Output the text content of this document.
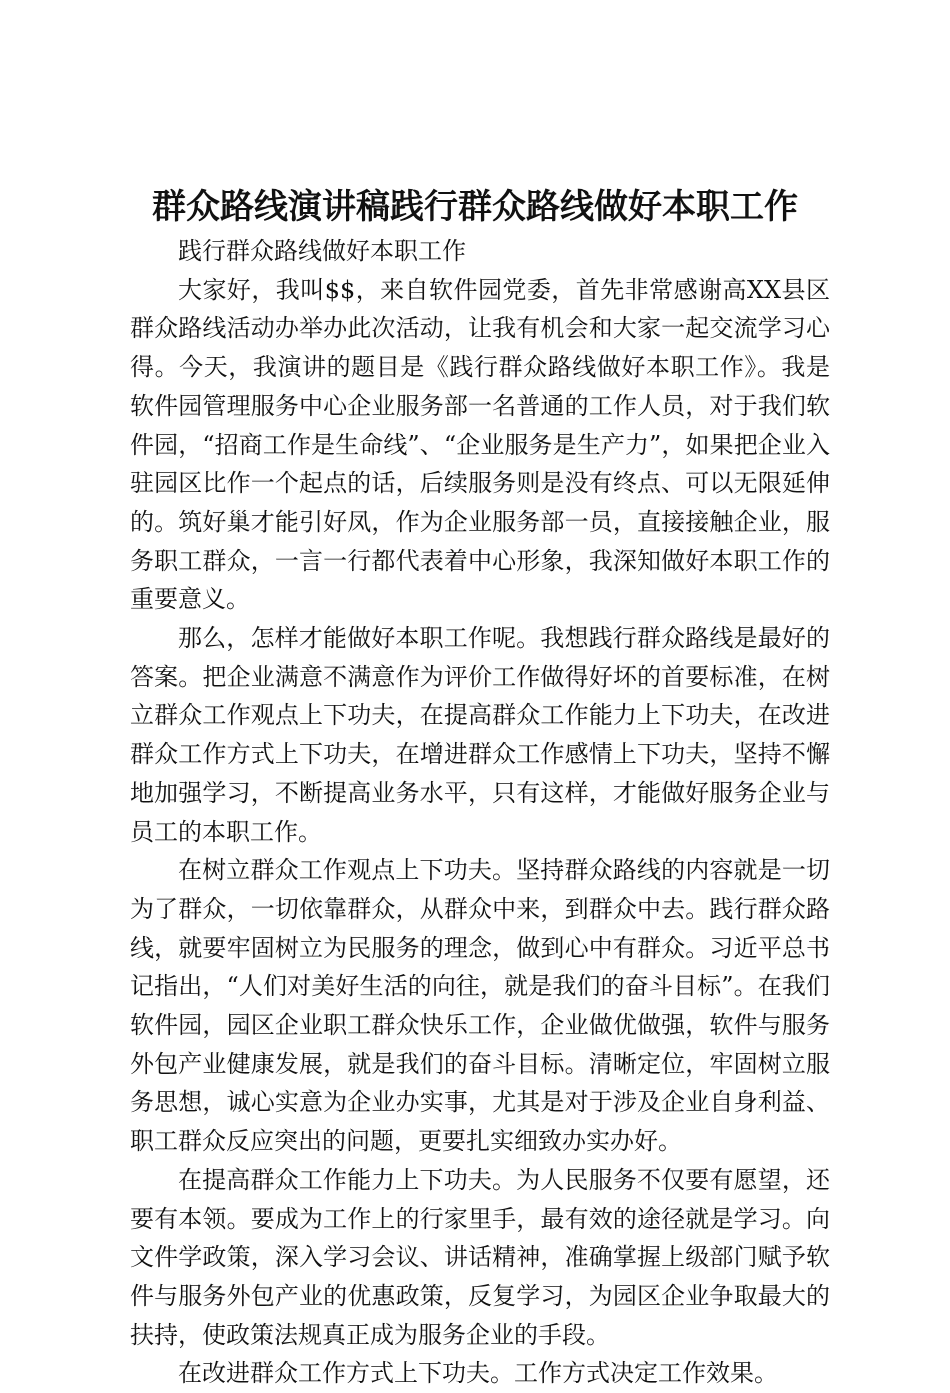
群众路线演讲稿践行群众路线做好本职工作

践行群众路线做好本职工作

大家好，我叫$$，来自软件园党委，首先非常感谢高XX县区群众路线活动办举办此次活动，让我有机会和大家一起交流学习心得。今天，我演讲的题目是《践行群众路线做好本职工作》。我是软件园管理服务中心企业服务部一名普通的工作人员，对于我们软件园，“招商工作是生命线”、“企业服务是生产力”，如果把企业入驻园区比作一个起点的话，后续服务则是没有终点、可以无限延伸的。筑好巢才能引好凤，作为企业服务部一员，直接接触企业，服务职工群众，一言一行都代表着中心形象，我深知做好本职工作的重要意义。

那么，怎样才能做好本职工作呢。我想践行群众路线是最好的答案。把企业满意不满意作为评价工作做得好坏的首要标准，在树立群众工作观点上下功夫，在提高群众工作能力上下功夫，在改进群众工作方式上下功夫，在增进群众工作感情上下功夫，坚持不懈地加强学习，不断提高业务水平，只有这样，才能做好服务企业与员工的本职工作。

在树立群众工作观点上下功夫。坚持群众路线的内容就是一切为了群众，一切依靠群众，从群众中来，到群众中去。践行群众路线，就要牢固树立为民服务的理念，做到心中有群众。习近平总书记指出，“人们对美好生活的向往，就是我们的奋斗目标”。在我们软件园，园区企业职工群众快乐工作，企业做优做强，软件与服务外包产业健康发展，就是我们的奋斗目标。清晰定位，牢固树立服务思想，诚心实意为企业办实事，尤其是对于涉及企业自身利益、职工群众反应突出的问题，更要扎实细致办实办好。

在提高群众工作能力上下功夫。为人民服务不仅要有愿望，还要有本领。要成为工作上的行家里手，最有效的途径就是学习。向文件学政策，深入学习会议、讲话精神，准确掌握上级部门赋予软件与服务外包产业的优惠政策，反复学习，为园区企业争取最大的扶持，使政策法规真正成为服务企业的手段。

在改进群众工作方式上下功夫。工作方式决定工作效果。
